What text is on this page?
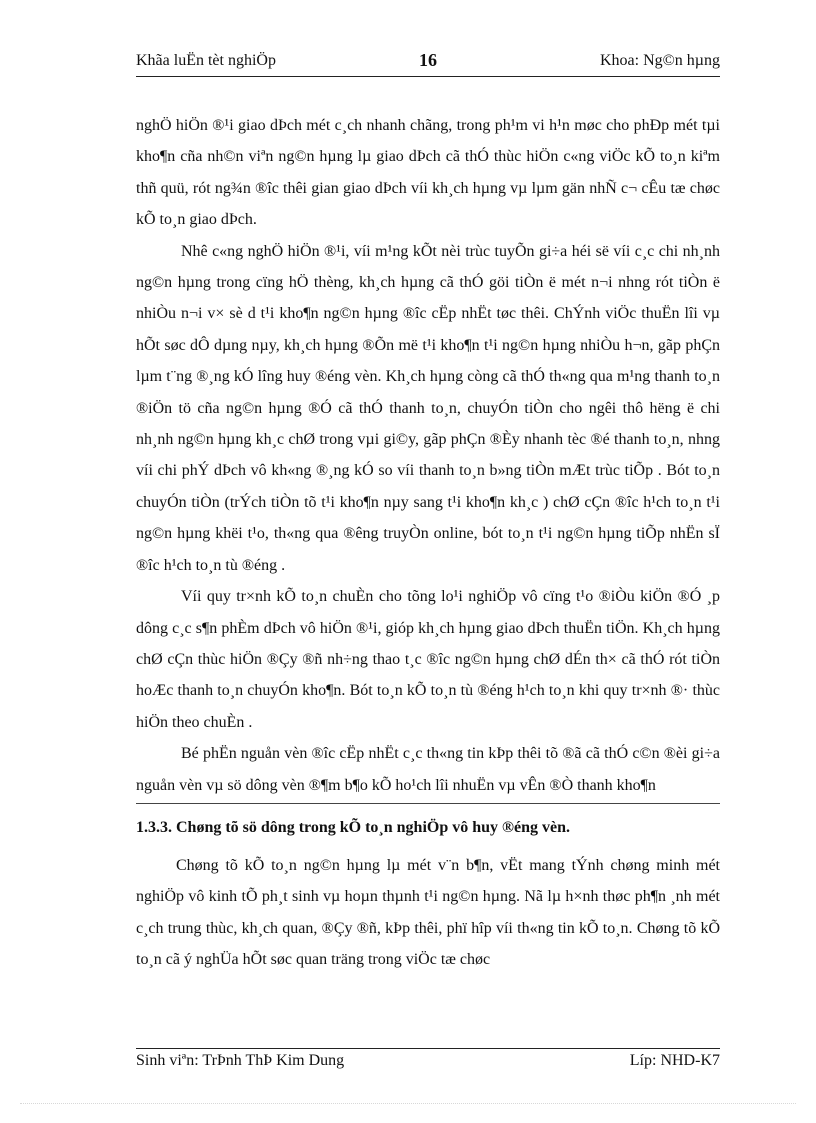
Khãa luËn tèt nghiÖp	16	Khoa: Ng©n hµng

nghÖ hiÖn ®¹i giao dÞch mét c¸ch nhanh chãng, trong ph¹m vi h¹n møc cho phÐp mét tµi kho¶n cña nh©n viªn ng©n hµng lµ giao dÞch cã thÓ thùc hiÖn c«ng viÖc kÕ to¸n kiªm thñ quü, rót ng¾n ®îc thêi gian giao dÞch víi kh¸ch hµng vµ lµm gän nhÑ c¬ cÊu tæ chøc kÕ to¸n giao dÞch.

Nhê c«ng nghÖ hiÖn ®¹i, víi m¹ng kÕt nèi trùc tuyÕn gi÷a héi së víi c¸c chi nh¸nh ng©n hµng trong cïng hÖ thèng, kh¸ch hµng cã thÓ göi tiÒn ë mét n¬i nhng rót tiÒn ë nhiÒu n¬i v× sè d t¹i kho¶n ng©n hµng ®îc cËp nhËt tøc thêi. ChÝnh viÖc thuËn lîi vµ hÕt søc dÔ dµng nµy, kh¸ch hµng ®Õn më t¹i kho¶n t¹i ng©n hµng nhiÒu h¬n, gãp phÇn lµm t¨ng ®¸ng kÓ lîng huy ®éng vèn. Kh¸ch hµng còng cã thÓ th«ng qua m¹ng thanh to¸n ®iÖn tö cña ng©n hµng ®Ó cã thÓ thanh to¸n, chuyÓn tiÒn cho ngêi thô hëng ë chi nh¸nh ng©n hµng kh¸c chØ trong vµi gi©y, gãp phÇn ®Èy nhanh tèc ®é thanh to¸n, nhng víi chi phÝ dÞch vô kh«ng ®¸ng kÓ so víi thanh to¸n b»ng tiÒn mÆt trùc tiÕp . Bót to¸n chuyÓn tiÒn (trÝch tiÒn tõ t¹i kho¶n nµy sang t¹i kho¶n kh¸c ) chØ cÇn ®îc h¹ch to¸n t¹i ng©n hµng khëi t¹o, th«ng qua ®êng truyÒn online, bót to¸n t¹i ng©n hµng tiÕp nhËn sÏ ®îc h¹ch to¸n tù ®éng .

Víi quy tr×nh kÕ to¸n chuÈn cho tõng lo¹i nghiÖp vô cïng t¹o ®iÒu kiÖn ®Ó ¸p dông c¸c s¶n phÈm dÞch vô hiÖn ®¹i, gióp kh¸ch hµng giao dÞch thuËn tiÖn. Kh¸ch hµng chØ cÇn thùc hiÖn ®Çy ®ñ nh÷ng thao t¸c ®îc ng©n hµng chØ dÉn th× cã thÓ rót tiÒn hoÆc thanh to¸n chuyÓn kho¶n. Bót to¸n kÕ to¸n tù ®éng h¹ch to¸n khi quy tr×nh ®· thùc hiÖn theo chuÈn .

Bé phËn nguån vèn ®îc cËp nhËt c¸c th«ng tin kÞp thêi tõ ®ã cã thÓ c©n ®èi gi÷a nguån vèn vµ sö dông vèn ®¶m b¶o kÕ ho¹ch lîi nhuËn vµ vÊn ®Ò thanh kho¶n

1.3.3. Chøng tõ sö dông trong kÕ to¸n nghiÖp vô huy ®éng vèn.

Chøng tõ kÕ to¸n ng©n hµng lµ mét v¨n b¶n, vËt mang tÝnh chøng minh mét nghiÖp vô kinh tÕ ph¸t sinh vµ hoµn thµnh t¹i ng©n hµng. Nã lµ h×nh thøc ph¶n ¸nh mét c¸ch trung thùc, kh¸ch quan, ®Çy ®ñ, kÞp thêi, phï hîp víi th«ng tin kÕ to¸n. Chøng tõ kÕ to¸n cã ý nghÜa hÕt søc quan träng trong viÖc tæ chøc

Sinh viªn: TrÞnh ThÞ Kim Dung	Líp: NHD-K7
